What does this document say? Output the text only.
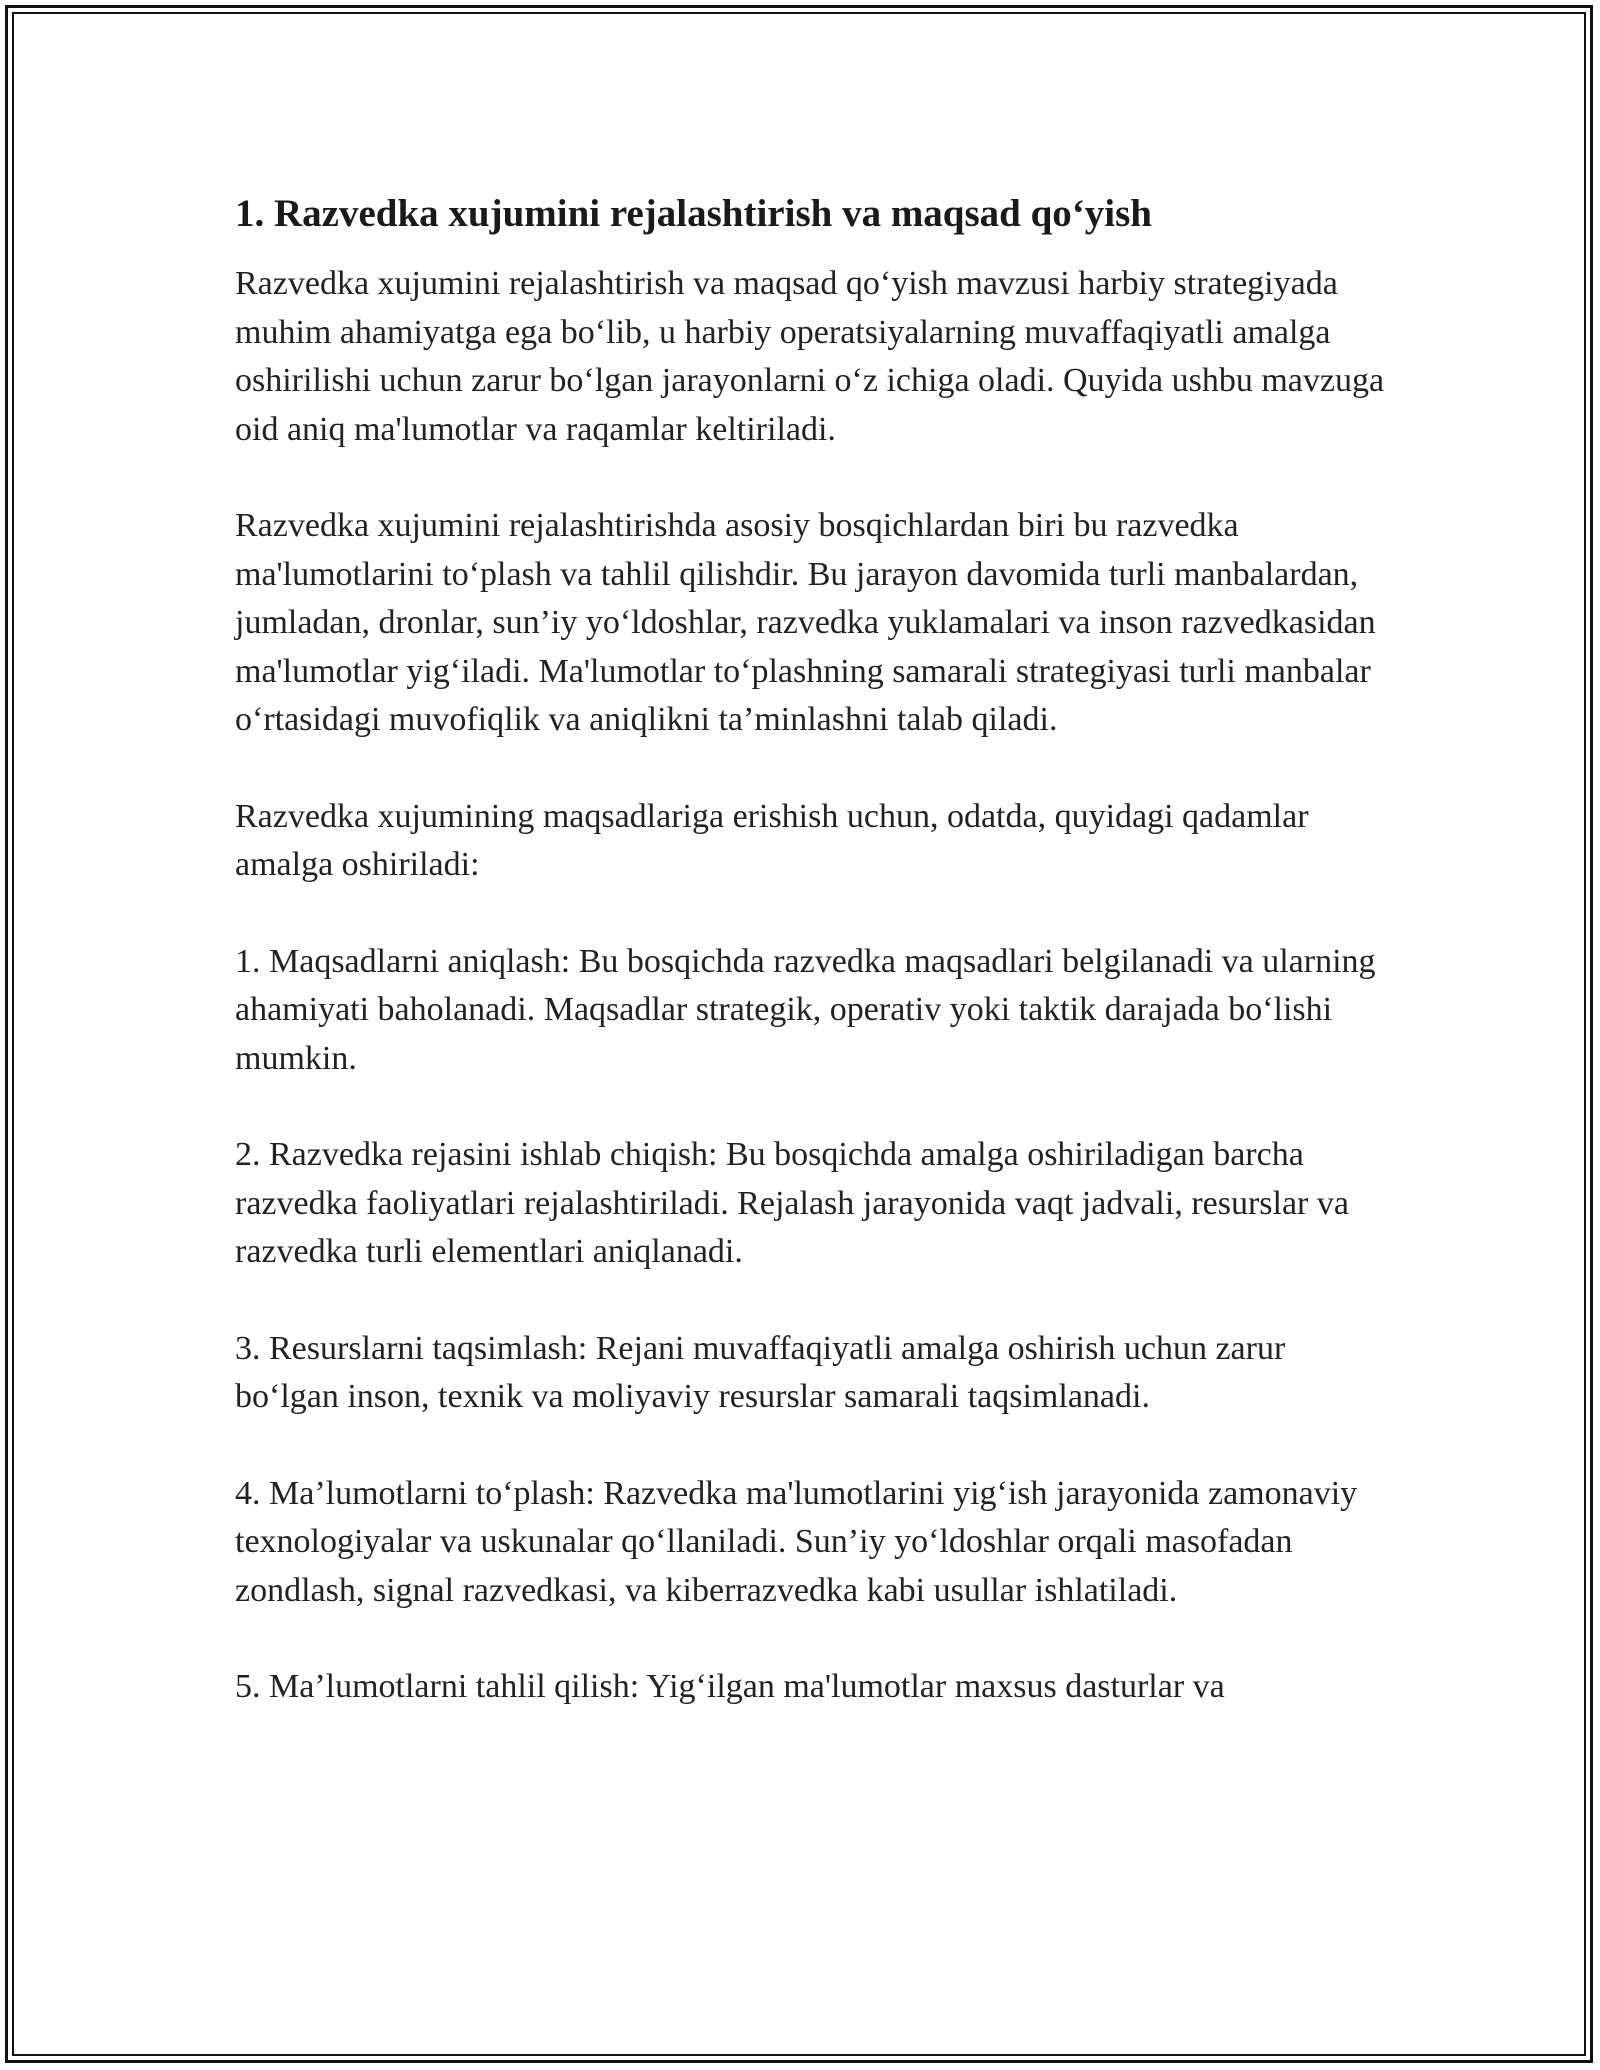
1. Razvedka xujumini rejalashtirish va maqsad qo‘yish

Razvedka xujumini rejalashtirish va maqsad qo‘yish mavzusi harbiy strategiyada muhim ahamiyatga ega bo‘lib, u harbiy operatsiyalarning muvaffaqiyatli amalga oshirilishi uchun zarur bo‘lgan jarayonlarni o‘z ichiga oladi. Quyida ushbu mavzuga oid aniq ma'lumotlar va raqamlar keltiriladi.

Razvedka xujumini rejalashtirishda asosiy bosqichlardan biri bu razvedka ma'lumotlarini to‘plash va tahlil qilishdir. Bu jarayon davomida turli manbalardan, jumladan, dronlar, sun’iy yo‘ldoshlar, razvedka yuklamalari va inson razvedkasidan ma'lumotlar yig‘iladi. Ma'lumotlar to‘plashning samarali strategiyasi turli manbalar o‘rtasidagi muvofiqlik va aniqlikni ta’minlashni talab qiladi.

Razvedka xujumining maqsadlariga erishish uchun, odatda, quyidagi qadamlar amalga oshiriladi:

1. Maqsadlarni aniqlash: Bu bosqichda razvedka maqsadlari belgilanadi va ularning ahamiyati baholanadi. Maqsadlar strategik, operativ yoki taktik darajada bo‘lishi mumkin.

2. Razvedka rejasini ishlab chiqish: Bu bosqichda amalga oshiriladigan barcha razvedka faoliyatlari rejalashtiriladi. Rejalash jarayonida vaqt jadvali, resurslar va razvedka turli elementlari aniqlanadi.

3. Resurslarni taqsimlash: Rejani muvaffaqiyatli amalga oshirish uchun zarur bo‘lgan inson, texnik va moliyaviy resurslar samarali taqsimlanadi.

4. Ma’lumotlarni to‘plash: Razvedka ma'lumotlarini yig‘ish jarayonida zamonaviy texnologiyalar va uskunalar qo‘llaniladi. Sun’iy yo‘ldoshlar orqali masofadan zondlash, signal razvedkasi, va kiberrazvedka kabi usullar ishlatiladi.

5. Ma’lumotlarni tahlil qilish: Yig‘ilgan ma'lumotlar maxsus dasturlar va
